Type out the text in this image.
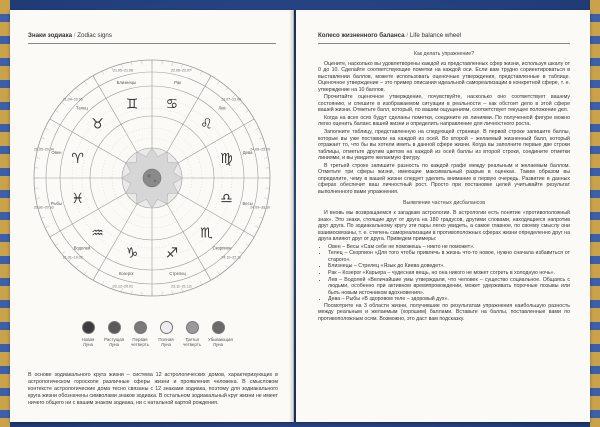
Знаки зодиака / Zodiac signs
♈
♉
♊ ♋
♌
♍
♎
♏
♐
♑
♒
♓
Овен
21.03–20.04
Телец
21.04–20.05
Близнецы
21.05–21.06
Рак
22.06–22.07
Лев
23.07–23.08
Дева
24.08–23.09
Весы
24.09–23.10
Скорпион
24.10–22.11
Стрелец
23.11–21.12
Козерог
22.12–20.01
Водолей
21.01–19.02
Рыбы
20.02–20.03
Новая Луна
Растущая Луна
Первая четверть
Полная Луна
Третья четверть
Убывающая Луна
В основе зодиакального круга жизни – система 12 астрологических домов, характеризующих в астрологическом гороскопе различные сферы жизни и проявления человека. В смысловом контексте астрологические дома тесно связаны с 12 знаками зодиака, поэтому для зодиакального круга жизни обозначены символами знаков зодиака. В остальном зодиакальный круг жизни не имеет ничего общего ни с вашим знаком зодиака, ни с натальной картой рождения.
Колесо жизненного баланса / Life balance wheel

Как делать упражнение?

Оцените, насколько вы удовлетворены каждой из представленных сфер жизни, используя шкалу от 0 до 10. Сделайте соответствующие пометки на каждой оси. Если вам трудно сориентироваться в выставлении баллов, можете использовать оценочные утверждения, представленные в таблице. Оценочное утверждение – это пример описания идеальной самореализации в конкретной сфере, т. е. утверждение на 10 баллов.

Прочитайте оценочное утверждение, почувствуйте, насколько оно соответствует вашему состоянию, и спешите в изображаемом ситуации в реальности – как обстоит дело в этой сфере вашей жизни. Отметьте балл, который, по вашим ощущениям, соответствует текущее положение дел.

Когда на всех осях будут сделаны пометки, соедините их линиями. По полученной фигуре можно легко оценить баланс вашей жизни и определить направление для личностного роста.

Заполните таблицу, представленную на следующей странице. В первой строке запишите баллы, которые вы уже поставили на каждой из осей. Во второй – желаемый жизненный балл, который отражает то, что бы вы хотели иметь в данной сфере жизни. Когда вы заполните первые две строки таблицы, отметьте другим цветом на каждой из осей баллы из второй строки, соедините отметки линиями, и вы увидите желаемую фигуру.

В третьей строке запишите разность по каждой графе между реальным и желаемым баллом. Отметьте три сферы жизни, имеющие максимальный разрыв в оценках. Таким образом вы определите, чему в вашей жизни следует уделить внимание в первую очередь. Развитие в данных сферах обеспечит ваш личностный рост. Просто при постановке целей учитывайте результат выполненного вами упражнения.

Выявление частных дисбалансов

И вновь мы возвращаемся к загадкам астрологии. В астрологии есть понятие «противоположный знак». Это знаки, стоящие друг от друга на 180 градусов, другими словами, находящиеся напротив друг друга. По зодиакальному кругу эти пары легко увидеть, а самое главное, по своему смыслу они взаимосвязаны, т. е. степень самореализации в противоположных сферах жизни определенно друг на друга влияют друг от друга. Приведем примеры:

• Овен – Весы «Сам себе не поможешь – никто не поможет».
• Телец – Скорпион «Для того чтобы привлечь в жизнь что-то новое, нужно сначала избавиться от старого».
• Близнецы – Стрелец «Язык до Киева доведет».
• Рак – Козерог «Карьера – чудесная вещь, но она никого не может согреть в холодную ночь».
• Лев – Водолей «Величайшие умы утверждали, что человек – существо социальное. Общаясь с людьми, особенно при активном времяпровождении, может удерживать порочные позывы или быть новым источником вдохновения».
• Дева – Рыбы «В здоровом теле – здоровый дух».

Посмотрите на 3 области жизни, получившие по результатам упражнения наибольшую разность между реальным и желаемым (хорошим) баллами. Вставьте на баллы, поставленные вами по противоположным осям. Возможно, это даст вам подсказку.
